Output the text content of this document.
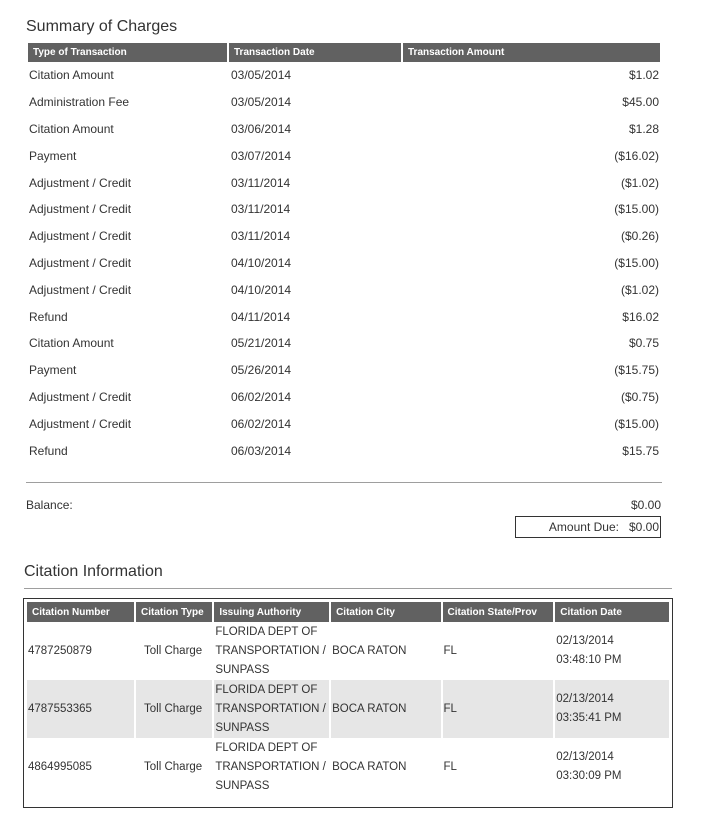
Summary of Charges
Type of Transaction	Transaction Date	Transaction Amount
Citation Amount	03/05/2014	$1.02
Administration Fee	03/05/2014	$45.00
Citation Amount	03/06/2014	$1.28
Payment	03/07/2014	($16.02)
Adjustment / Credit	03/11/2014	($1.02)
Adjustment / Credit	03/11/2014	($15.00)
Adjustment / Credit	03/11/2014	($0.26)
Adjustment / Credit	04/10/2014	($15.00)
Adjustment / Credit	04/10/2014	($1.02)
Refund	04/11/2014	$16.02
Citation Amount	05/21/2014	$0.75
Payment	05/26/2014	($15.75)
Adjustment / Credit	06/02/2014	($0.75)
Adjustment / Credit	06/02/2014	($15.00)
Refund	06/03/2014	$15.75
Balance:	$0.00
Amount Due: $0.00
Citation Information
Citation Number	Citation Type	Issuing Authority	Citation City	Citation State/Prov	Citation Date
4787250879	Toll Charge	FLORIDA DEPT OF TRANSPORTATION / SUNPASS	BOCA RATON	FL	02/13/2014
03:48:10 PM

4787553365	Toll Charge	FLORIDA DEPT OF TRANSPORTATION / SUNPASS	BOCA RATON	FL	02/13/2014
03:35:41 PM

4864995085	Toll Charge	FLORIDA DEPT OF TRANSPORTATION / SUNPASS	BOCA RATON	FL	02/13/2014
03:30:09 PM
